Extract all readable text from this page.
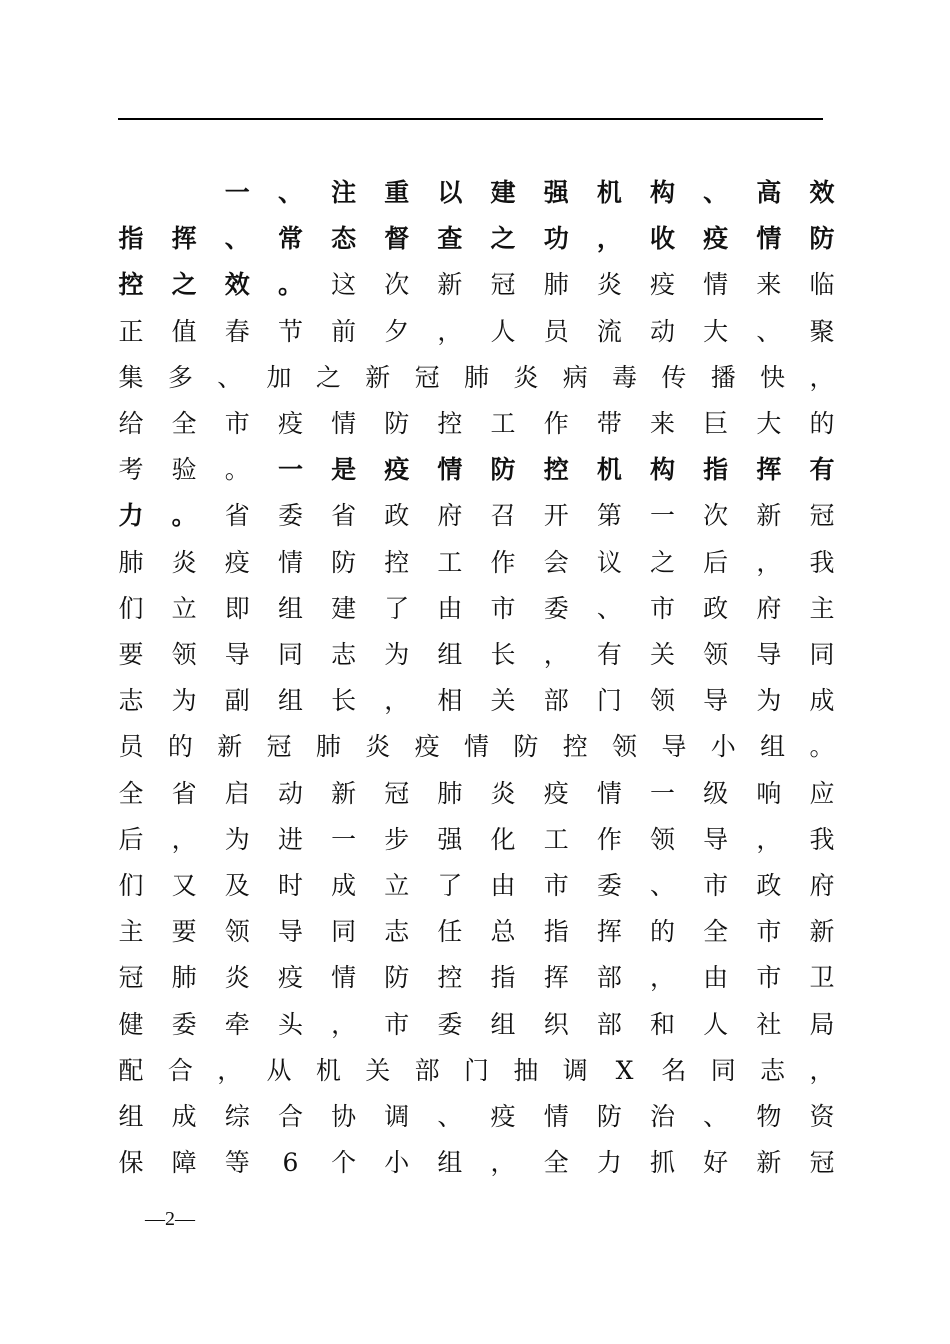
一	、	注	重	以	建	强	机	构	、	高	效
指	挥	、	常	态	督	查	之	功	，	收	疫	情	防
控	之	效	。	这	次	新	冠	肺	炎	疫	情	来	临
正	值	春	节	前	夕	，	人	员	流	动	大	、	聚
集 多 、 加 之 新 冠 肺 炎 病 毒 传 播 快 ，
给	全	市	疫	情	防	控	工	作	带	来	巨	大	的
考	验	。	一	是	疫	情	防	控	机	构	指	挥	有
力	。	省	委	省	政	府	召	开	第	一	次	新	冠
肺	炎	疫	情	防	控	工	作	会	议	之	后	，	我
们	立	即	组	建	了	由	市	委	、	市	政	府	主
要	领	导	同	志	为	组	长	，	有	关	领	导	同
志	为	副	组	长	，	相	关	部	门	领	导	为	成
员 的 新 冠 肺 炎 疫 情 防 控 领 导 小 组 。
全	省	启	动	新	冠	肺	炎	疫	情	一	级	响	应
后	，	为	进	一	步	强	化	工	作	领	导	，	我
们	又	及	时	成	立	了	由	市	委	、	市	政	府
主	要	领	导	同	志	任	总	指	挥	的	全	市	新
冠	肺	炎	疫	情	防	控	指	挥	部	，	由	市	卫
健	委	牵	头	，	市	委	组	织	部	和	人	社	局
配 合 ， 从 机 关 部 门 抽 调	X	名 同 志 ，
组	成	综	合	协	调	、	疫	情	防	治	、	物	资
保	障	等	6	个	小	组	，	全	力	抓	好	新	冠
—2—
